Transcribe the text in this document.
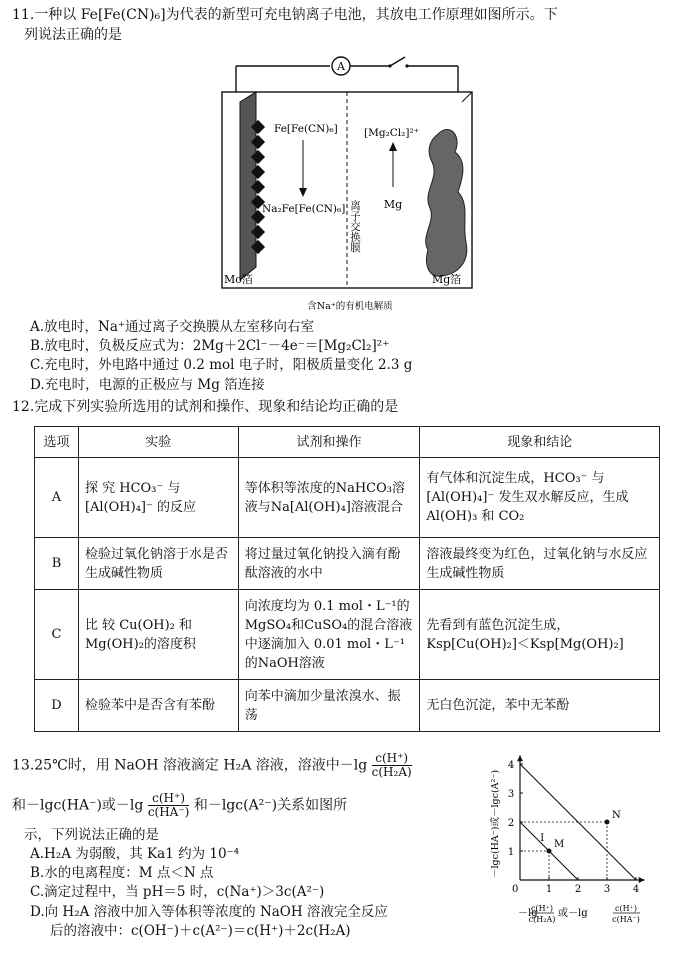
11.一种以 Fe[Fe(CN)₆]为代表的新型可充电钠离子电池，其放电工作原理如图所示。下
列说法正确的是
A
Fe[Fe(CN)₆]
Na₂Fe[Fe(CN)₆]
[Mg₂Cl₂]²⁺
Mg
离子交换膜
Mo箔	Mg箔
含Na⁺的有机电解质
A.放电时，Na⁺通过离子交换膜从左室移向右室
B.放电时，负极反应式为：2Mg＋2Cl⁻－4e⁻＝[Mg₂Cl₂]²⁺
C.充电时，外电路中通过 0.2 mol 电子时，阳极质量变化 2.3 g
D.充电时，电源的正极应与 Mg 箔连接
12.完成下列实验所选用的试剂和操作、现象和结论均正确的是
选项	实验	试剂和操作	现象和结论
A	探 究 HCO₃⁻ 与 [Al(OH)₄]⁻ 的反应	等体积等浓度的NaHCO₃溶液与Na[Al(OH)₄]溶液混合	有气体和沉淀生成，HCO₃⁻ 与 [Al(OH)₄]⁻ 发生双水解反应，生成 Al(OH)₃ 和 CO₂
B	检验过氧化钠溶于水是否生成碱性物质	将过量过氧化钠投入滴有酚酞溶液的水中	溶液最终变为红色，过氧化钠与水反应生成碱性物质
C	比 较 Cu(OH)₂ 和 Mg(OH)₂的溶度积	向浓度均为 0.1 mol・L⁻¹的MgSO₄和CuSO₄的混合溶液中逐滴加入 0.01 mol・L⁻¹的NaOH溶液	先看到有蓝色沉淀生成，Ksp[Cu(OH)₂]＜Ksp[Mg(OH)₂]
D	检验苯中是否含有苯酚	向苯中滴加少量浓溴水、振荡	无白色沉淀，苯中无苯酚
13.25℃时，用 NaOH 溶液滴定 H₂A 溶液，溶液中$-\lg \frac{c(H^+)}{\text{c(H₂A)}}$
和－lgc(HA⁻)或$-\lg \frac{c(H^+)}{c(HA^-)}$ 和－lgc(A²⁻)关系如图所
示，下列说法正确的是
A.H₂A 为弱酸，其 Ka1 约为 10⁻⁴
B.水的电离程度：M 点＜N 点
C.滴定过程中，当 pH＝5 时，c(Na⁺)＞3c(A²⁻)
D.向 H₂A 溶液中加入等体积等浓度的 NaOH 溶液完全反应
后的溶液中：c(OH⁻)＋c(A²⁻)＝c(H⁺)＋2c(H₂A)
－lgc(HA⁻)或－lgc(A²⁻)
0	1 2 3 4
1
2
3
4
I
M
N
－lg
c(H⁺)
c(H₂A)
或－lg	c(H⁺)
c(HA⁻)
